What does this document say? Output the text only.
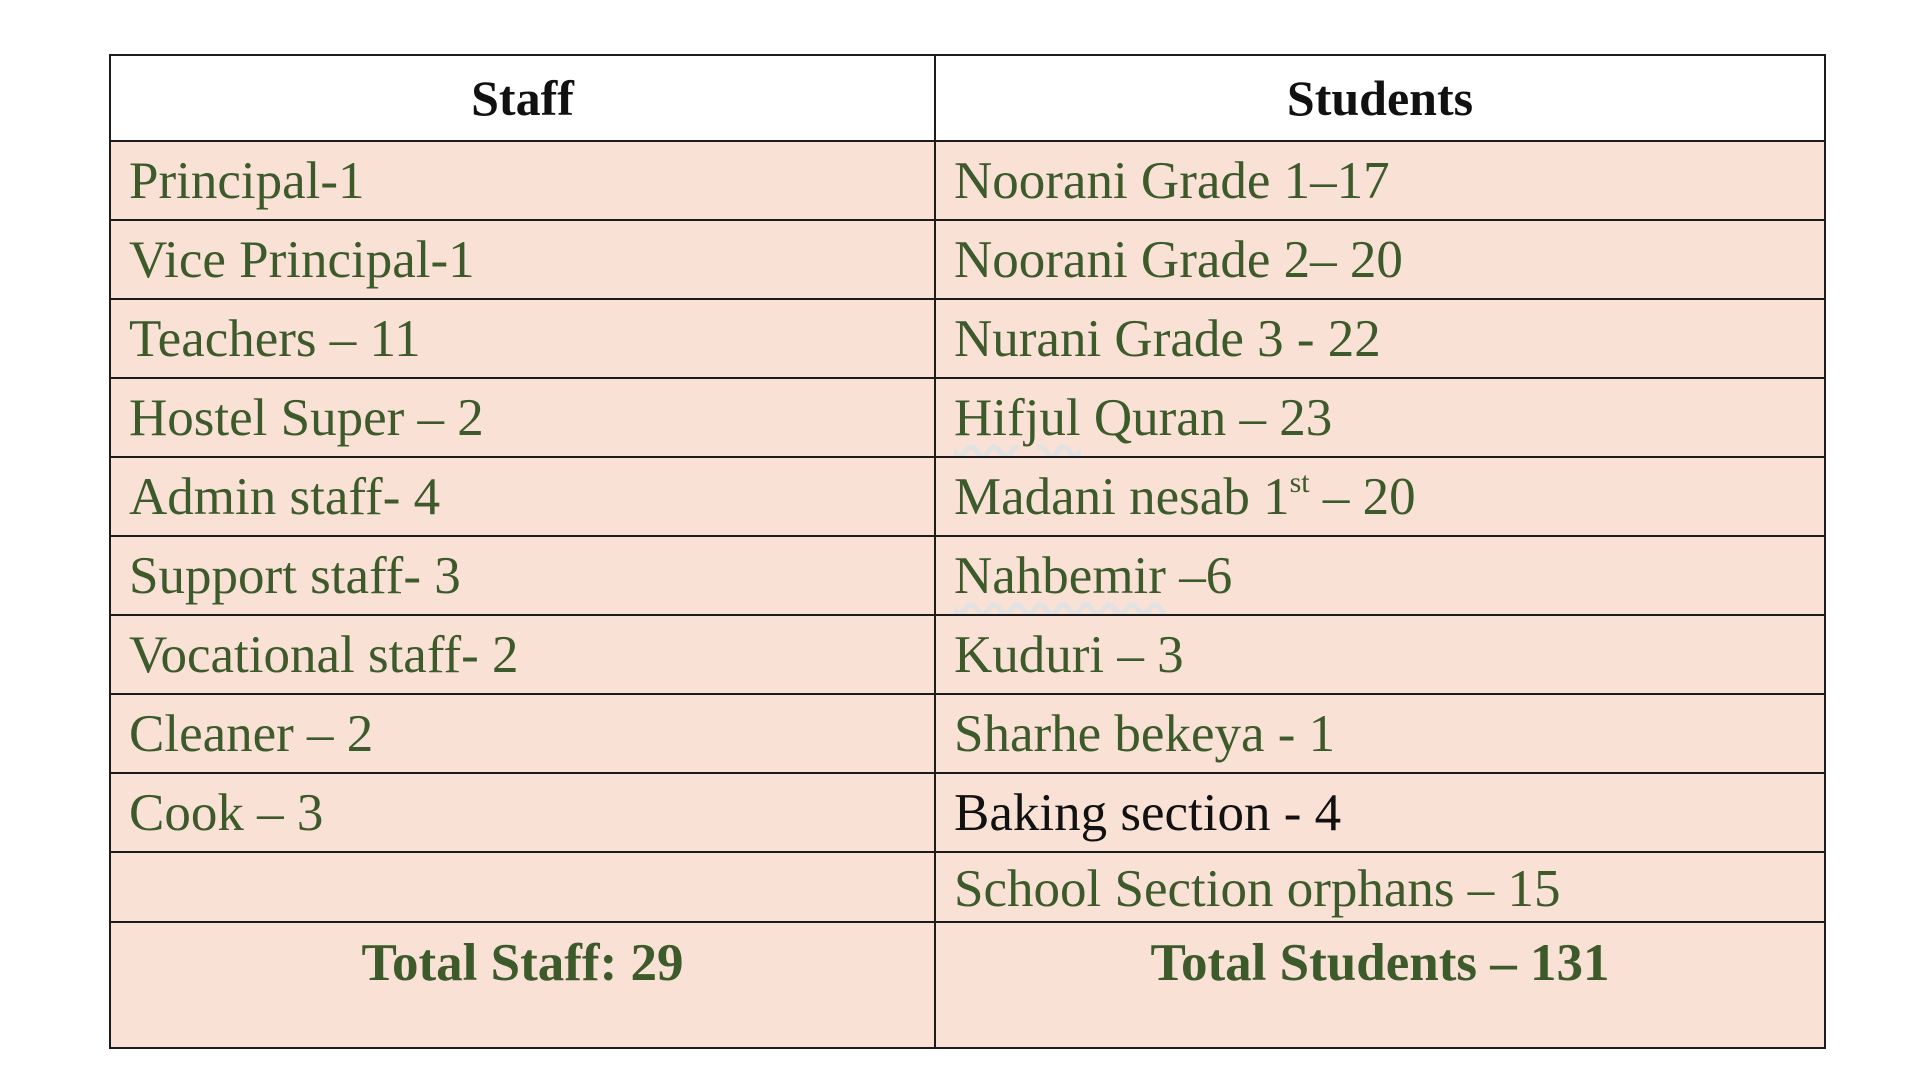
Staff	Students
Principal-1	Noorani Grade 1–17
Vice Principal-1	Noorani Grade 2– 20
Teachers – 11	Nurani Grade 3 - 22
Hostel Super – 2	Hifjul Quran – 23
Admin staff- 4	Madani nesab 1st – 20
Support staff- 3	Nahbemir –6
Vocational staff- 2	Kuduri – 3
Cleaner – 2	Sharhe bekeya - 1
Cook – 3	Baking section - 4
	School Section orphans – 15
Total Staff: 29	Total Students – 131
